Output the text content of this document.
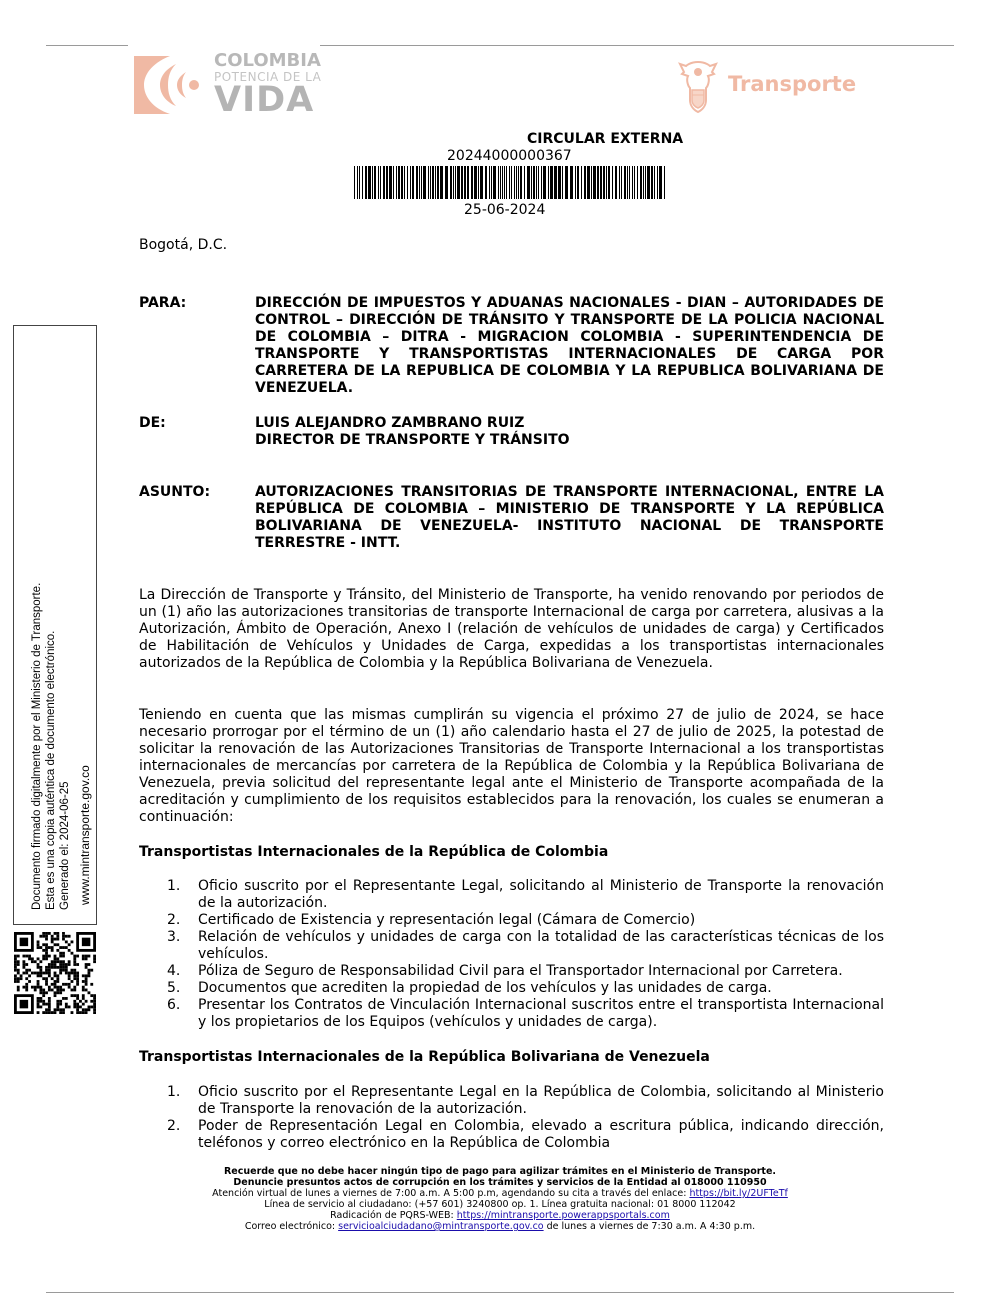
COLOMBIA
POTENCIA DE LA
VIDA	Transporte
CIRCULAR EXTERNA
20244000000367
25-06-2024
Documento firmado digitalmente por el Ministerio de Transporte. Esta es una copia auténtica de documento electrónico. Generado el: 2024-06-25 www.mintransporte.gov.co
Bogotá, D.C.
PARA:	DIRECCIÓN DE IMPUESTOS Y ADUANAS NACIONALES - DIAN – AUTORIDADES DE CONTROL – DIRECCIÓN DE TRÁNSITO Y TRANSPORTE DE LA POLICIA NACIONAL DE COLOMBIA – DITRA - MIGRACION COLOMBIA - SUPERINTENDENCIA DE TRANSPORTE Y TRANSPORTISTAS INTERNACIONALES DE CARGA POR CARRETERA DE LA REPUBLICA DE COLOMBIA Y LA REPUBLICA BOLIVARIANA DE VENEZUELA.
DE:	LUIS ALEJANDRO ZAMBRANO RUIZ
DIRECTOR DE TRANSPORTE Y TRÁNSITO
ASUNTO:	AUTORIZACIONES TRANSITORIAS DE TRANSPORTE INTERNACIONAL, ENTRE LA REPÚBLICA DE COLOMBIA – MINISTERIO DE TRANSPORTE Y LA REPÚBLICA BOLIVARIANA DE VENEZUELA- INSTITUTO NACIONAL DE TRANSPORTE TERRESTRE - INTT.
La Dirección de Transporte y Tránsito, del Ministerio de Transporte, ha venido renovando por periodos de un (1) año las autorizaciones transitorias de transporte Internacional de carga por carretera, alusivas a la Autorización, Ámbito de Operación, Anexo I (relación de vehículos de unidades de carga) y Certificados de Habilitación de Vehículos y Unidades de Carga, expedidas a los transportistas internacionales autorizados de la República de Colombia y la República Bolivariana de Venezuela.
Teniendo en cuenta que las mismas cumplirán su vigencia el próximo 27 de julio de 2024, se hace necesario prorrogar por el término de un (1) año calendario hasta el 27 de julio de 2025, la potestad de solicitar la renovación de las Autorizaciones Transitorias de Transporte Internacional a los transportistas internacionales de mercancías por carretera de la República de Colombia y la República Bolivariana de Venezuela, previa solicitud del representante legal ante el Ministerio de Transporte acompañada de la acreditación y cumplimiento de los requisitos establecidos para la renovación, los cuales se enumeran a continuación:
Transportistas Internacionales de la República de Colombia
1. Oficio suscrito por el Representante Legal, solicitando al Ministerio de Transporte la renovación de la autorización.
2. Certificado de Existencia y representación legal (Cámara de Comercio)
3. Relación de vehículos y unidades de carga con la totalidad de las características técnicas de los vehículos.
4. Póliza de Seguro de Responsabilidad Civil para el Transportador Internacional por Carretera.
5. Documentos que acrediten la propiedad de los vehículos y las unidades de carga.
6. Presentar los Contratos de Vinculación Internacional suscritos entre el transportista Internacional y los propietarios de los Equipos (vehículos y unidades de carga).
Transportistas Internacionales de la República Bolivariana de Venezuela
1. Oficio suscrito por el Representante Legal en la República de Colombia, solicitando al Ministerio de Transporte la renovación de la autorización.
2. Poder de Representación Legal en Colombia, elevado a escritura pública, indicando dirección, teléfonos y correo electrónico en la República de Colombia
Recuerde que no debe hacer ningún tipo de pago para agilizar trámites en el Ministerio de Transporte.
Denuncie presuntos actos de corrupción en los trámites y servicios de la Entidad al 018000 110950
Atención virtual de lunes a viernes de 7:00 a.m. A 5:00 p.m, agendando su cita a través del enlace: https://bit.ly/2UFTeTf
Línea de servicio al ciudadano: (+57 601) 3240800 op. 1. Línea gratuita nacional: 01 8000 112042
Radicación de PQRS-WEB: https://mintransporte.powerappsportals.com
Correo electrónico: servicioalciudadano@mintransporte.gov.co de lunes a viernes de 7:30 a.m. A 4:30 p.m.
